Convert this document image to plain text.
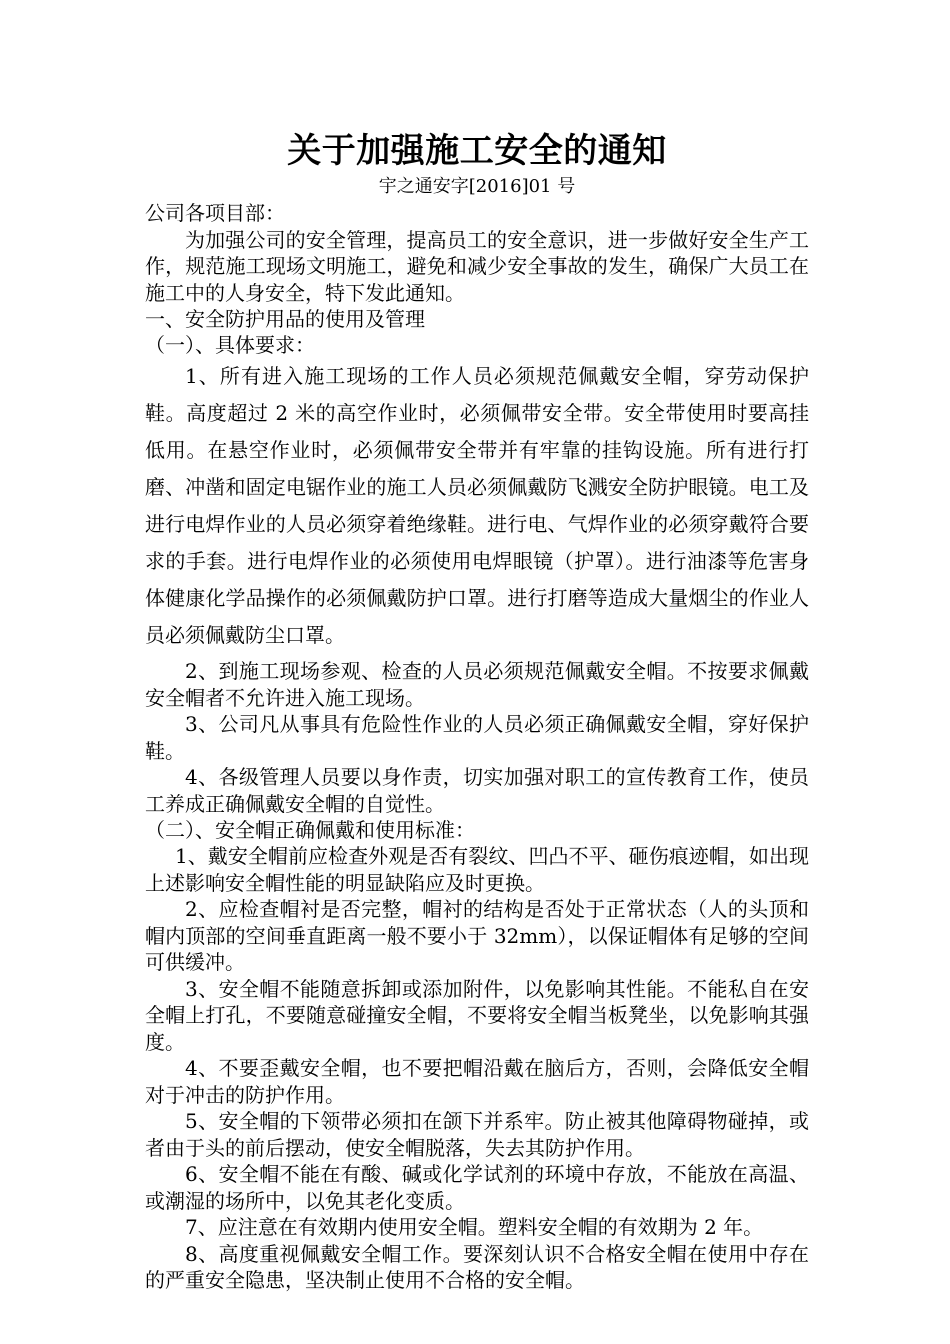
关于加强施工安全的通知

宇之通安字[2016]01 号

公司各项目部：

为加强公司的安全管理，提高员工的安全意识，进一步做好安全生产工作，规范施工现场文明施工，避免和减少安全事故的发生，确保广大员工在施工中的人身安全，特下发此通知。

一、安全防护用品的使用及管理

（一）、具体要求：

1、所有进入施工现场的工作人员必须规范佩戴安全帽，穿劳动保护鞋。高度超过 2 米的高空作业时，必须佩带安全带。安全带使用时要高挂低用。在悬空作业时，必须佩带安全带并有牢靠的挂钩设施。所有进行打磨、冲凿和固定电锯作业的施工人员必须佩戴防飞溅安全防护眼镜。电工及进行电焊作业的人员必须穿着绝缘鞋。进行电、气焊作业的必须穿戴符合要求的手套。进行电焊作业的必须使用电焊眼镜（护罩）。进行油漆等危害身体健康化学品操作的必须佩戴防护口罩。进行打磨等造成大量烟尘的作业人员必须佩戴防尘口罩。

2、到施工现场参观、检查的人员必须规范佩戴安全帽。不按要求佩戴安全帽者不允许进入施工现场。

3、公司凡从事具有危险性作业的人员必须正确佩戴安全帽，穿好保护鞋。

4、各级管理人员要以身作责，切实加强对职工的宣传教育工作，使员工养成正确佩戴安全帽的自觉性。

（二）、安全帽正确佩戴和使用标准：

1、戴安全帽前应检查外观是否有裂纹、凹凸不平、砸伤痕迹帽，如出现上述影响安全帽性能的明显缺陷应及时更换。

2、应检查帽衬是否完整，帽衬的结构是否处于正常状态（人的头顶和帽内顶部的空间垂直距离一般不要小于 32mm），以保证帽体有足够的空间可供缓冲。

3、安全帽不能随意拆卸或添加附件，以免影响其性能。不能私自在安全帽上打孔，不要随意碰撞安全帽，不要将安全帽当板凳坐，以免影响其强度。

4、不要歪戴安全帽，也不要把帽沿戴在脑后方，否则，会降低安全帽对于冲击的防护作用。

5、安全帽的下领带必须扣在颌下并系牢。防止被其他障碍物碰掉，或者由于头的前后摆动，使安全帽脱落，失去其防护作用。

6、安全帽不能在有酸、碱或化学试剂的环境中存放，不能放在高温、或潮湿的场所中，以免其老化变质。

7、应注意在有效期内使用安全帽。塑料安全帽的有效期为 2 年。

8、高度重视佩戴安全帽工作。要深刻认识不合格安全帽在使用中存在的严重安全隐患，坚决制止使用不合格的安全帽。
